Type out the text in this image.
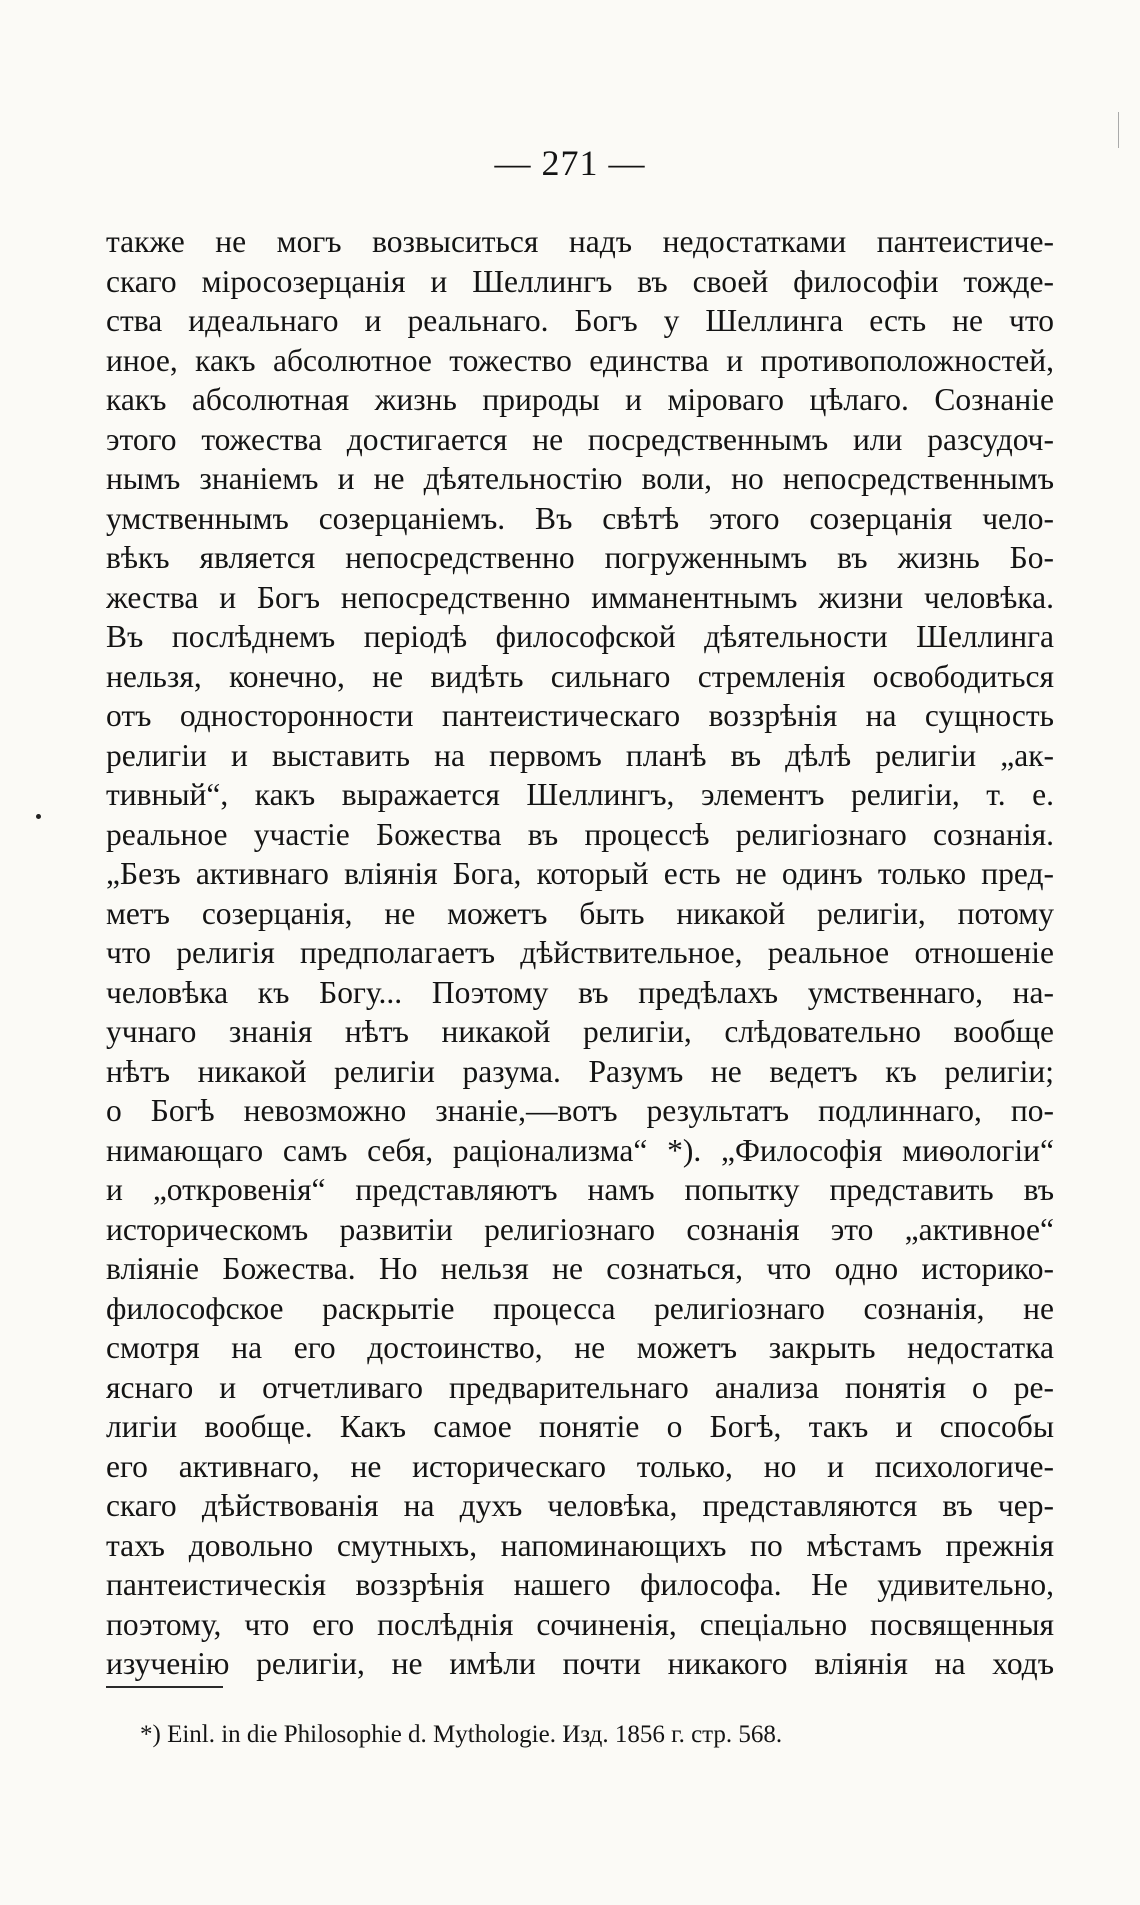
— 271 —
также не могъ возвыситься надъ недостатками пантеистиче-
скаго міросозерцанія и Шеллингъ въ своей философіи тожде-
ства идеальнаго и реальнаго. Богъ у Шеллинга есть не что
иное, какъ абсолютное тожество единства и противоположностей,
какъ абсолютная жизнь природы и міроваго цѣлаго. Сознаніе
этого тожества достигается не посредственнымъ или разсудоч-
нымъ знаніемъ и не дѣятельностію воли, но непосредственнымъ
умственнымъ созерцаніемъ. Въ свѣтѣ этого созерцанія чело-
вѣкъ является непосредственно погруженнымъ въ жизнь Бо-
жества и Богъ непосредственно имманентнымъ жизни человѣка.
Въ послѣднемъ періодѣ философской дѣятельности Шеллинга
нельзя, конечно, не видѣть сильнаго стремленія освободиться
отъ односторонности пантеистическаго воззрѣнія на сущность
религіи и выставить на первомъ планѣ въ дѣлѣ религіи „ак-
тивный“, какъ выражается Шеллингъ, элементъ религіи, т. е.
реальное участіе Божества въ процессѣ религіознаго сознанія.
„Безъ активнаго вліянія Бога, который есть не одинъ только пред-
метъ созерцанія, не можетъ быть никакой религіи, потому
что религія предполагаетъ дѣйствительное, реальное отношеніе
человѣка къ Богу... Поэтому въ предѣлахъ умственнаго, на-
учнаго знанія нѣтъ никакой религіи, слѣдовательно вообще
нѣтъ никакой религіи разума. Разумъ не ведетъ къ религіи;
о Богѣ невозможно знаніе,—вотъ результатъ подлиннаго, по-
нимающаго самъ себя, раціонализма“ *). „Философія миѳологіи“
и „откровенія“ представляютъ намъ попытку представить въ
историческомъ развитіи религіознаго сознанія это „активное“
вліяніе Божества. Но нельзя не сознаться, что одно историко-
философское раскрытіе процесса религіознаго сознанія, не
смотря на его достоинство, не можетъ закрыть недостатка
яснаго и отчетливаго предварительнаго анализа понятія о ре-
лигіи вообще. Какъ самое понятіе о Богѣ, такъ и способы
его активнаго, не историческаго только, но и психологиче-
скаго дѣйствованія на духъ человѣка, представляются въ чер-
тахъ довольно смутныхъ, напоминающихъ по мѣстамъ прежнія
пантеистическія воззрѣнія нашего философа. Не удивительно,
поэтому, что его послѣднія сочиненія, спеціально посвященныя
изученію религіи, не имѣли почти никакого вліянія на ходъ
*) Einl. in die Philosophie d. Mythologie. Изд. 1856 г. стр. 568.
